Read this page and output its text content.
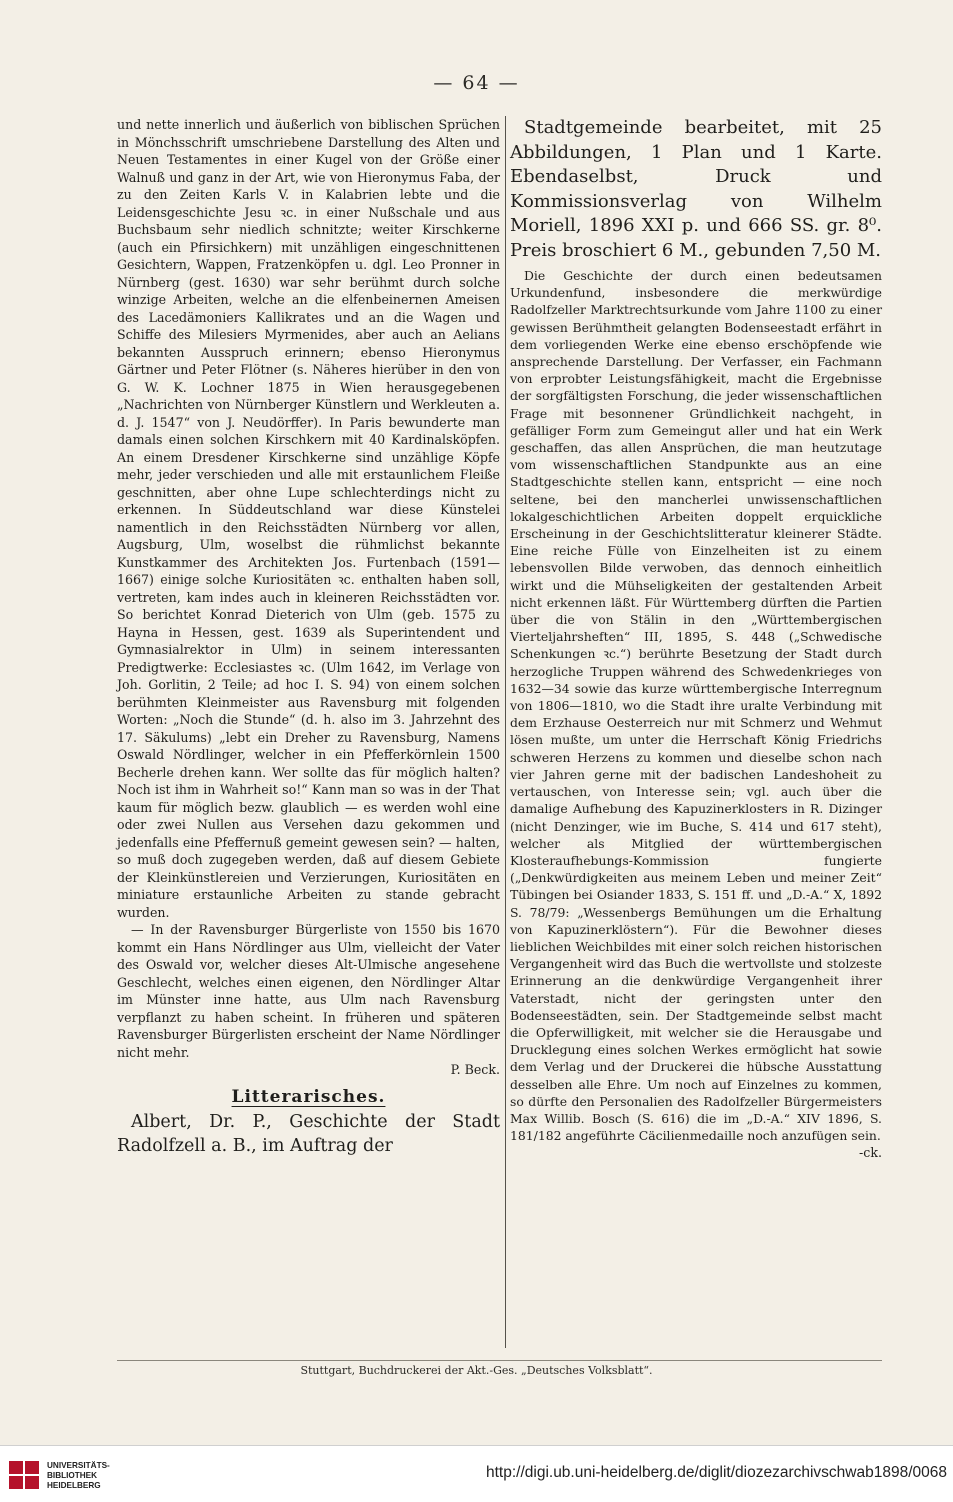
— 64 —

und nette innerlich und äußerlich von biblischen Sprüchen in Mönchsschrift umschriebene Darstellung des Alten und Neuen Testamentes in einer Kugel von der Größe einer Walnuß und ganz in der Art, wie von Hieronymus Faba, der zu den Zeiten Karls V. in Kalabrien lebte und die Leidensgeschichte Jesu ꝛc. in einer Nußschale und aus Buchsbaum sehr niedlich schnitzte; weiter Kirschkerne (auch ein Pfirsichkern) mit unzähligen eingeschnittenen Gesichtern, Wappen, Fratzenköpfen u. dgl. Leo Pronner in Nürnberg (gest. 1630) war sehr berühmt durch solche winzige Arbeiten, welche an die elfenbeinernen Ameisen des Lacedämoniers Kallikrates und an die Wagen und Schiffe des Milesiers Myrmenides, aber auch an Aelians bekannten Ausspruch erinnern; ebenso Hieronymus Gärtner und Peter Flötner (s. Näheres hierüber in den von G. W. K. Lochner 1875 in Wien herausgegebenen „Nachrichten von Nürnberger Künstlern und Werkleuten a. d. J. 1547“ von J. Neudörffer). In Paris bewunderte man damals einen solchen Kirschkern mit 40 Kardinalsköpfen. An einem Dresdener Kirschkerne sind unzählige Köpfe mehr, jeder verschieden und alle mit erstaunlichem Fleiße geschnitten, aber ohne Lupe schlechterdings nicht zu erkennen. In Süddeutschland war diese Künstelei namentlich in den Reichsstädten Nürnberg vor allen, Augsburg, Ulm, woselbst die rühmlichst bekannte Kunstkammer des Architekten Jos. Furtenbach (1591—1667) einige solche Kuriositäten ꝛc. enthalten haben soll, vertreten, kam indes auch in kleineren Reichsstädten vor. So berichtet Konrad Dieterich von Ulm (geb. 1575 zu Hayna in Hessen, gest. 1639 als Superintendent und Gymnasialrektor in Ulm) in seinem interessanten Predigtwerke: Ecclesiastes ꝛc. (Ulm 1642, im Verlage von Joh. Gorlitin, 2 Teile; ad hoc I. S. 94) von einem solchen berühmten Kleinmeister aus Ravensburg mit folgenden Worten: „Noch die Stunde“ (d. h. also im 3. Jahrzehnt des 17. Säkulums) „lebt ein Dreher zu Ravensburg, Namens Oswald Nördlinger, welcher in ein Pfefferkörnlein 1500 Becherle drehen kann. Wer sollte das für möglich halten? Noch ist ihm in Wahrheit so!“ Kann man so was in der That kaum für möglich bezw. glaublich — es werden wohl eine oder zwei Nullen aus Versehen dazu gekommen und jedenfalls eine Pfeffernuß gemeint gewesen sein? — halten, so muß doch zugegeben werden, daß auf diesem Gebiete der Kleinkünstlereien und Verzierungen, Kuriositäten en miniature erstaunliche Arbeiten zu stande gebracht wurden.

— In der Ravensburger Bürgerliste von 1550 bis 1670 kommt ein Hans Nördlinger aus Ulm, vielleicht der Vater des Oswald vor, welcher dieses Alt-Ulmische angesehene Geschlecht, welches einen eigenen, den Nördlinger Altar im Münster inne hatte, aus Ulm nach Ravensburg verpflanzt zu haben scheint. In früheren und späteren Ravensburger Bürgerlisten erscheint der Name Nördlinger nicht mehr.

P. Beck.

Litterarisches.

Albert, Dr. P., Geschichte der Stadt Radolfzell a. B., im Auftrag der

Stadtgemeinde bearbeitet, mit 25 Abbildungen, 1 Plan und 1 Karte. Ebendaselbst, Druck und Kommissionsverlag von Wilhelm Moriell, 1896 XXI p. und 666 SS. gr. 8⁰. Preis broschiert 6 M., gebunden 7,50 M.

Die Geschichte der durch einen bedeutsamen Urkundenfund, insbesondere die merkwürdige Radolfzeller Marktrechtsurkunde vom Jahre 1100 zu einer gewissen Berühmtheit gelangten Bodenseestadt erfährt in dem vorliegenden Werke eine ebenso erschöpfende wie ansprechende Darstellung. Der Verfasser, ein Fachmann von erprobter Leistungsfähigkeit, macht die Ergebnisse der sorgfältigsten Forschung, die jeder wissenschaftlichen Frage mit besonnener Gründlichkeit nachgeht, in gefälliger Form zum Gemeingut aller und hat ein Werk geschaffen, das allen Ansprüchen, die man heutzutage vom wissenschaftlichen Standpunkte aus an eine Stadtgeschichte stellen kann, entspricht — eine noch seltene, bei den mancherlei unwissenschaftlichen lokalgeschichtlichen Arbeiten doppelt erquickliche Erscheinung in der Geschichtslitteratur kleinerer Städte. Eine reiche Fülle von Einzelheiten ist zu einem lebensvollen Bilde verwoben, das dennoch einheitlich wirkt und die Mühseligkeiten der gestaltenden Arbeit nicht erkennen läßt. Für Württemberg dürften die Partien über die von Stälin in den „Württembergischen Vierteljahrsheften“ III, 1895, S. 448 („Schwedische Schenkungen ꝛc.“) berührte Besetzung der Stadt durch herzogliche Truppen während des Schwedenkrieges von 1632—34 sowie das kurze württembergische Interregnum von 1806—1810, wo die Stadt ihre uralte Verbindung mit dem Erzhause Oesterreich nur mit Schmerz und Wehmut lösen mußte, um unter die Herrschaft König Friedrichs schweren Herzens zu kommen und dieselbe schon nach vier Jahren gerne mit der badischen Landeshoheit zu vertauschen, von Interesse sein; vgl. auch über die damalige Aufhebung des Kapuzinerklosters in R. Dizinger (nicht Denzinger, wie im Buche, S. 414 und 617 steht), welcher als Mitglied der württembergischen Klosteraufhebungs-Kommission fungierte („Denkwürdigkeiten aus meinem Leben und meiner Zeit“ Tübingen bei Osiander 1833, S. 151 ff. und „D.-A.“ X, 1892 S. 78/79: „Wessenbergs Bemühungen um die Erhaltung von Kapuzinerklöstern“). Für die Bewohner dieses lieblichen Weichbildes mit einer solch reichen historischen Vergangenheit wird das Buch die wertvollste und stolzeste Erinnerung an die denkwürdige Vergangenheit ihrer Vaterstadt, nicht der geringsten unter den Bodenseestädten, sein. Der Stadtgemeinde selbst macht die Opferwilligkeit, mit welcher sie die Herausgabe und Drucklegung eines solchen Werkes ermöglicht hat sowie dem Verlag und der Druckerei die hübsche Ausstattung desselben alle Ehre. Um noch auf Einzelnes zu kommen, so dürfte den Personalien des Radolfzeller Bürgermeisters Max Willib. Bosch (S. 616) die im „D.-A.“ XIV 1896, S. 181/182 angeführte Cäcilienmedaille noch anzufügen sein.

-ck.

Stuttgart, Buchdruckerei der Akt.-Ges. „Deutsches Volksblatt“.
UNIVERSITÄTS-
BIBLIOTHEK
HEIDELBERG
http://digi.ub.uni-heidelberg.de/diglit/diozezarchivschwab1898/0068
